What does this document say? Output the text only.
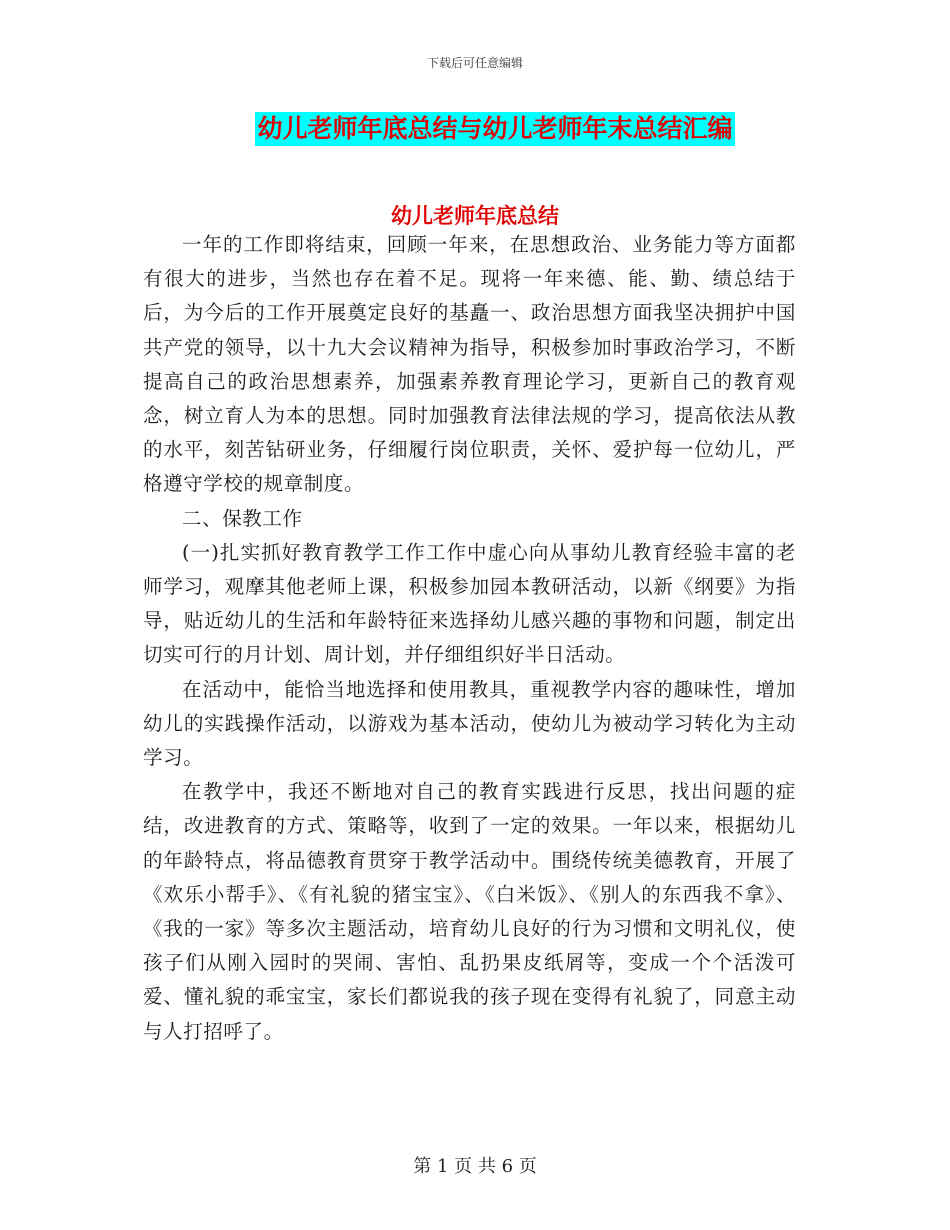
下载后可任意编辑
幼儿老师年底总结与幼儿老师年末总结汇编
幼儿老师年底总结

一年的工作即将结束，回顾一年来，在思想政治、业务能力等方面都有很大的进步，当然也存在着不足。现将一年来德、能、勤、绩总结于后，为今后的工作开展奠定良好的基矗一、政治思想方面我坚决拥护中国共产党的领导，以十九大会议精神为指导，积极参加时事政治学习，不断提高自己的政治思想素养，加强素养教育理论学习，更新自己的教育观念，树立育人为本的思想。同时加强教育法律法规的学习，提高依法从教的水平，刻苦钻研业务，仔细履行岗位职责，关怀、爱护每一位幼儿，严格遵守学校的规章制度。

二、保教工作

(一)扎实抓好教育教学工作工作中虚心向从事幼儿教育经验丰富的老师学习，观摩其他老师上课，积极参加园本教研活动，以新《纲要》为指导，贴近幼儿的生活和年龄特征来选择幼儿感兴趣的事物和问题，制定出切实可行的月计划、周计划，并仔细组织好半日活动。

在活动中，能恰当地选择和使用教具，重视教学内容的趣味性，增加幼儿的实践操作活动，以游戏为基本活动，使幼儿为被动学习转化为主动学习。

在教学中，我还不断地对自己的教育实践进行反思，找出问题的症结，改进教育的方式、策略等，收到了一定的效果。一年以来，根据幼儿的年龄特点，将品德教育贯穿于教学活动中。围绕传统美德教育，开展了《欢乐小帮手》、《有礼貌的猪宝宝》、《白米饭》、《别人的东西我不拿》、《我的一家》等多次主题活动，培育幼儿良好的行为习惯和文明礼仪，使孩子们从刚入园时的哭闹、害怕、乱扔果皮纸屑等，变成一个个活泼可爱、懂礼貌的乖宝宝，家长们都说我的孩子现在变得有礼貌了，同意主动与人打招呼了。

第 1 页 共 6 页
